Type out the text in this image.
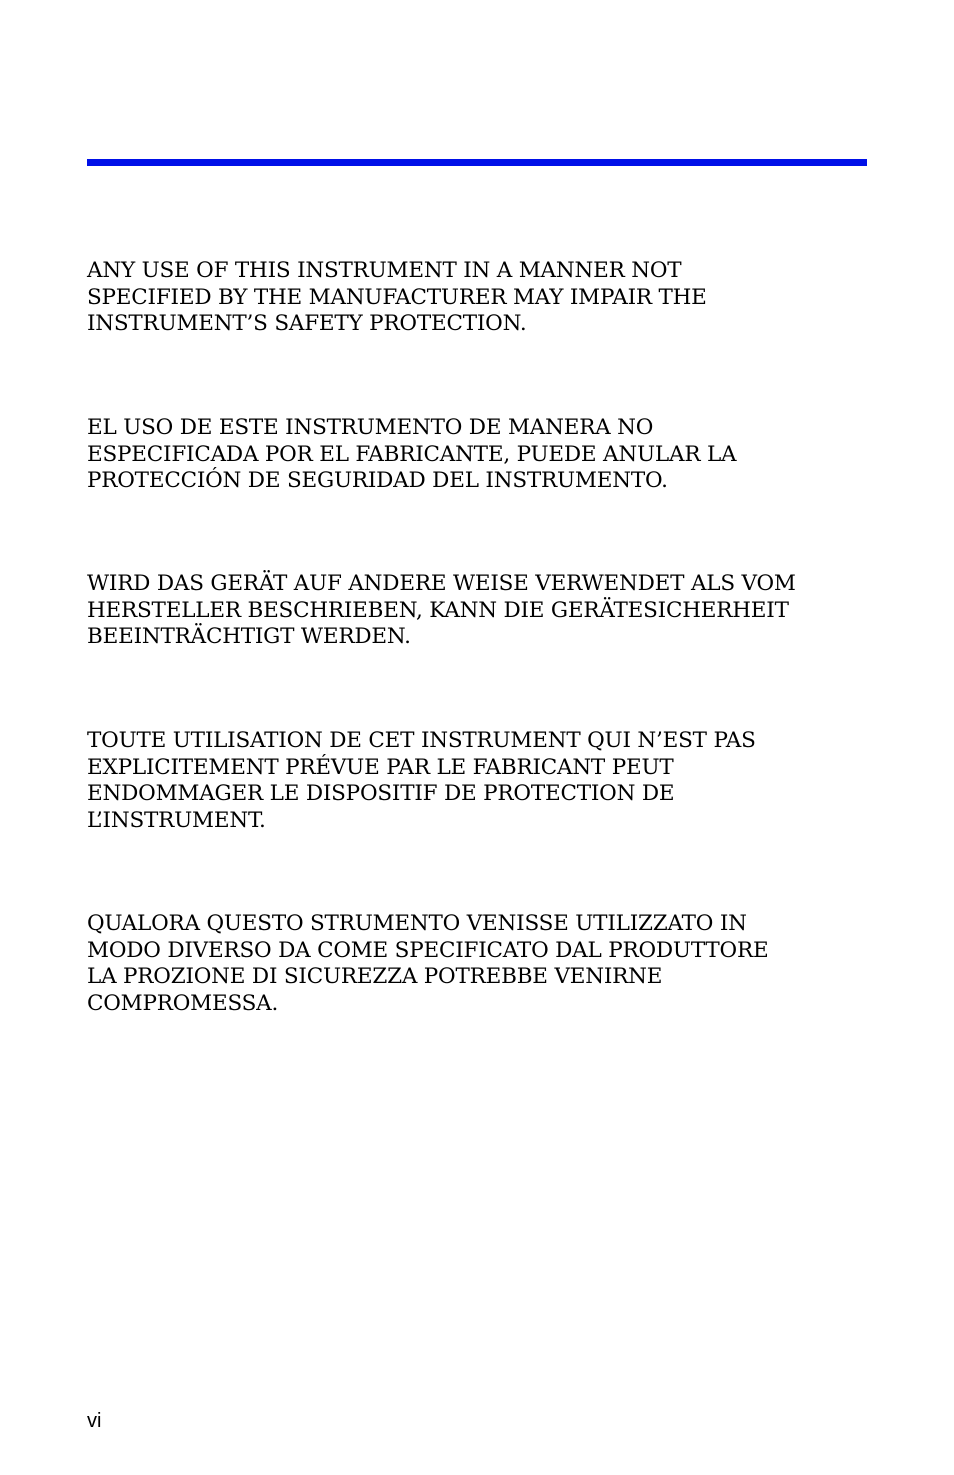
ANY USE OF THIS INSTRUMENT IN A MANNER NOT
SPECIFIED BY THE MANUFACTURER MAY IMPAIR THE
INSTRUMENT’S SAFETY PROTECTION.

EL USO DE ESTE INSTRUMENTO DE MANERA NO
ESPECIFICADA POR EL FABRICANTE, PUEDE ANULAR LA
PROTECCIÓN DE SEGURIDAD DEL INSTRUMENTO.

WIRD DAS GERÄT AUF ANDERE WEISE VERWENDET ALS VOM
HERSTELLER BESCHRIEBEN, KANN DIE GERÄTESICHERHEIT
BEEINTRÄCHTIGT WERDEN.

TOUTE UTILISATION DE CET INSTRUMENT QUI N’EST PAS
EXPLICITEMENT PRÉVUE PAR LE FABRICANT PEUT
ENDOMMAGER LE DISPOSITIF DE PROTECTION DE
L’INSTRUMENT.

QUALORA QUESTO STRUMENTO VENISSE UTILIZZATO IN
MODO DIVERSO DA COME SPECIFICATO DAL PRODUTTORE
LA PROZIONE DI SICUREZZA POTREBBE VENIRNE
COMPROMESSA.

vi
